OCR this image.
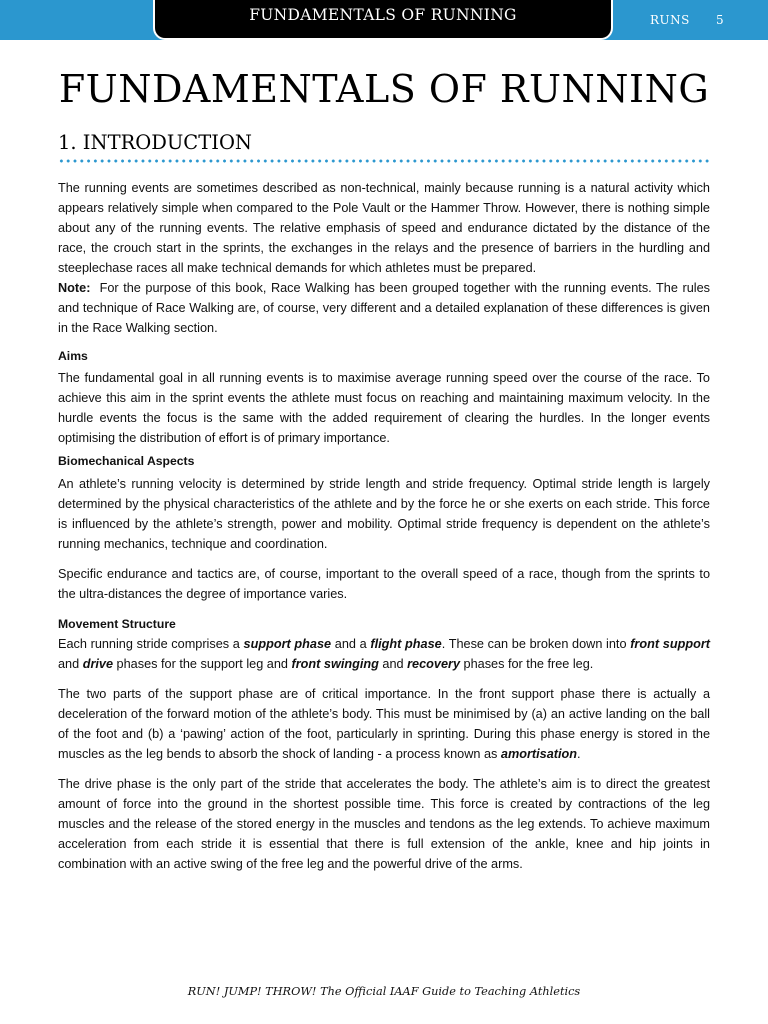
FUNDAMENTALS OF RUNNING	RUNS 5
FUNDAMENTALS OF RUNNING
1. INTRODUCTION

The running events are sometimes described as non-technical, mainly because running is a natural activity which appears relatively simple when compared to the Pole Vault or the Hammer Throw. However, there is nothing simple about any of the running events. The relative emphasis of speed and endurance dictated by the distance of the race, the crouch start in the sprints, the exchanges in the relays and the presence of barriers in the hurdling and steeplechase races all make technical demands for which athletes must be prepared.

Note: For the purpose of this book, Race Walking has been grouped together with the running events. The rules and technique of Race Walking are, of course, very different and a detailed explanation of these differences is given in the Race Walking section.

Aims

The fundamental goal in all running events is to maximise average running speed over the course of the race. To achieve this aim in the sprint events the athlete must focus on reaching and maintaining maximum velocity. In the hurdle events the focus is the same with the added requirement of clearing the hurdles. In the longer events optimising the distribution of effort is of primary importance.

Biomechanical Aspects

An athlete’s running velocity is determined by stride length and stride frequency. Optimal stride length is largely determined by the physical characteristics of the athlete and by the force he or she exerts on each stride. This force is influenced by the athlete’s strength, power and mobility. Optimal stride frequency is dependent on the athlete’s running mechanics, technique and coordination.

Specific endurance and tactics are, of course, important to the overall speed of a race, though from the sprints to the ultra-distances the degree of importance varies.

Movement Structure

Each running stride comprises a support phase and a flight phase. These can be broken down into front support and drive phases for the support leg and front swinging and recovery phases for the free leg.

The two parts of the support phase are of critical importance. In the front support phase there is actually a deceleration of the forward motion of the athlete’s body. This must be minimised by (a) an active landing on the ball of the foot and (b) a ‘pawing’ action of the foot, particularly in sprinting. During this phase energy is stored in the muscles as the leg bends to absorb the shock of landing - a process known as amortisation.

The drive phase is the only part of the stride that accelerates the body. The athlete’s aim is to direct the greatest amount of force into the ground in the shortest possible time. This force is created by contractions of the leg muscles and the release of the stored energy in the muscles and tendons as the leg extends. To achieve maximum acceleration from each stride it is essential that there is full extension of the ankle, knee and hip joints in combination with an active swing of the free leg and the powerful drive of the arms.

RUN! JUMP! THROW! The Official IAAF Guide to Teaching Athletics
